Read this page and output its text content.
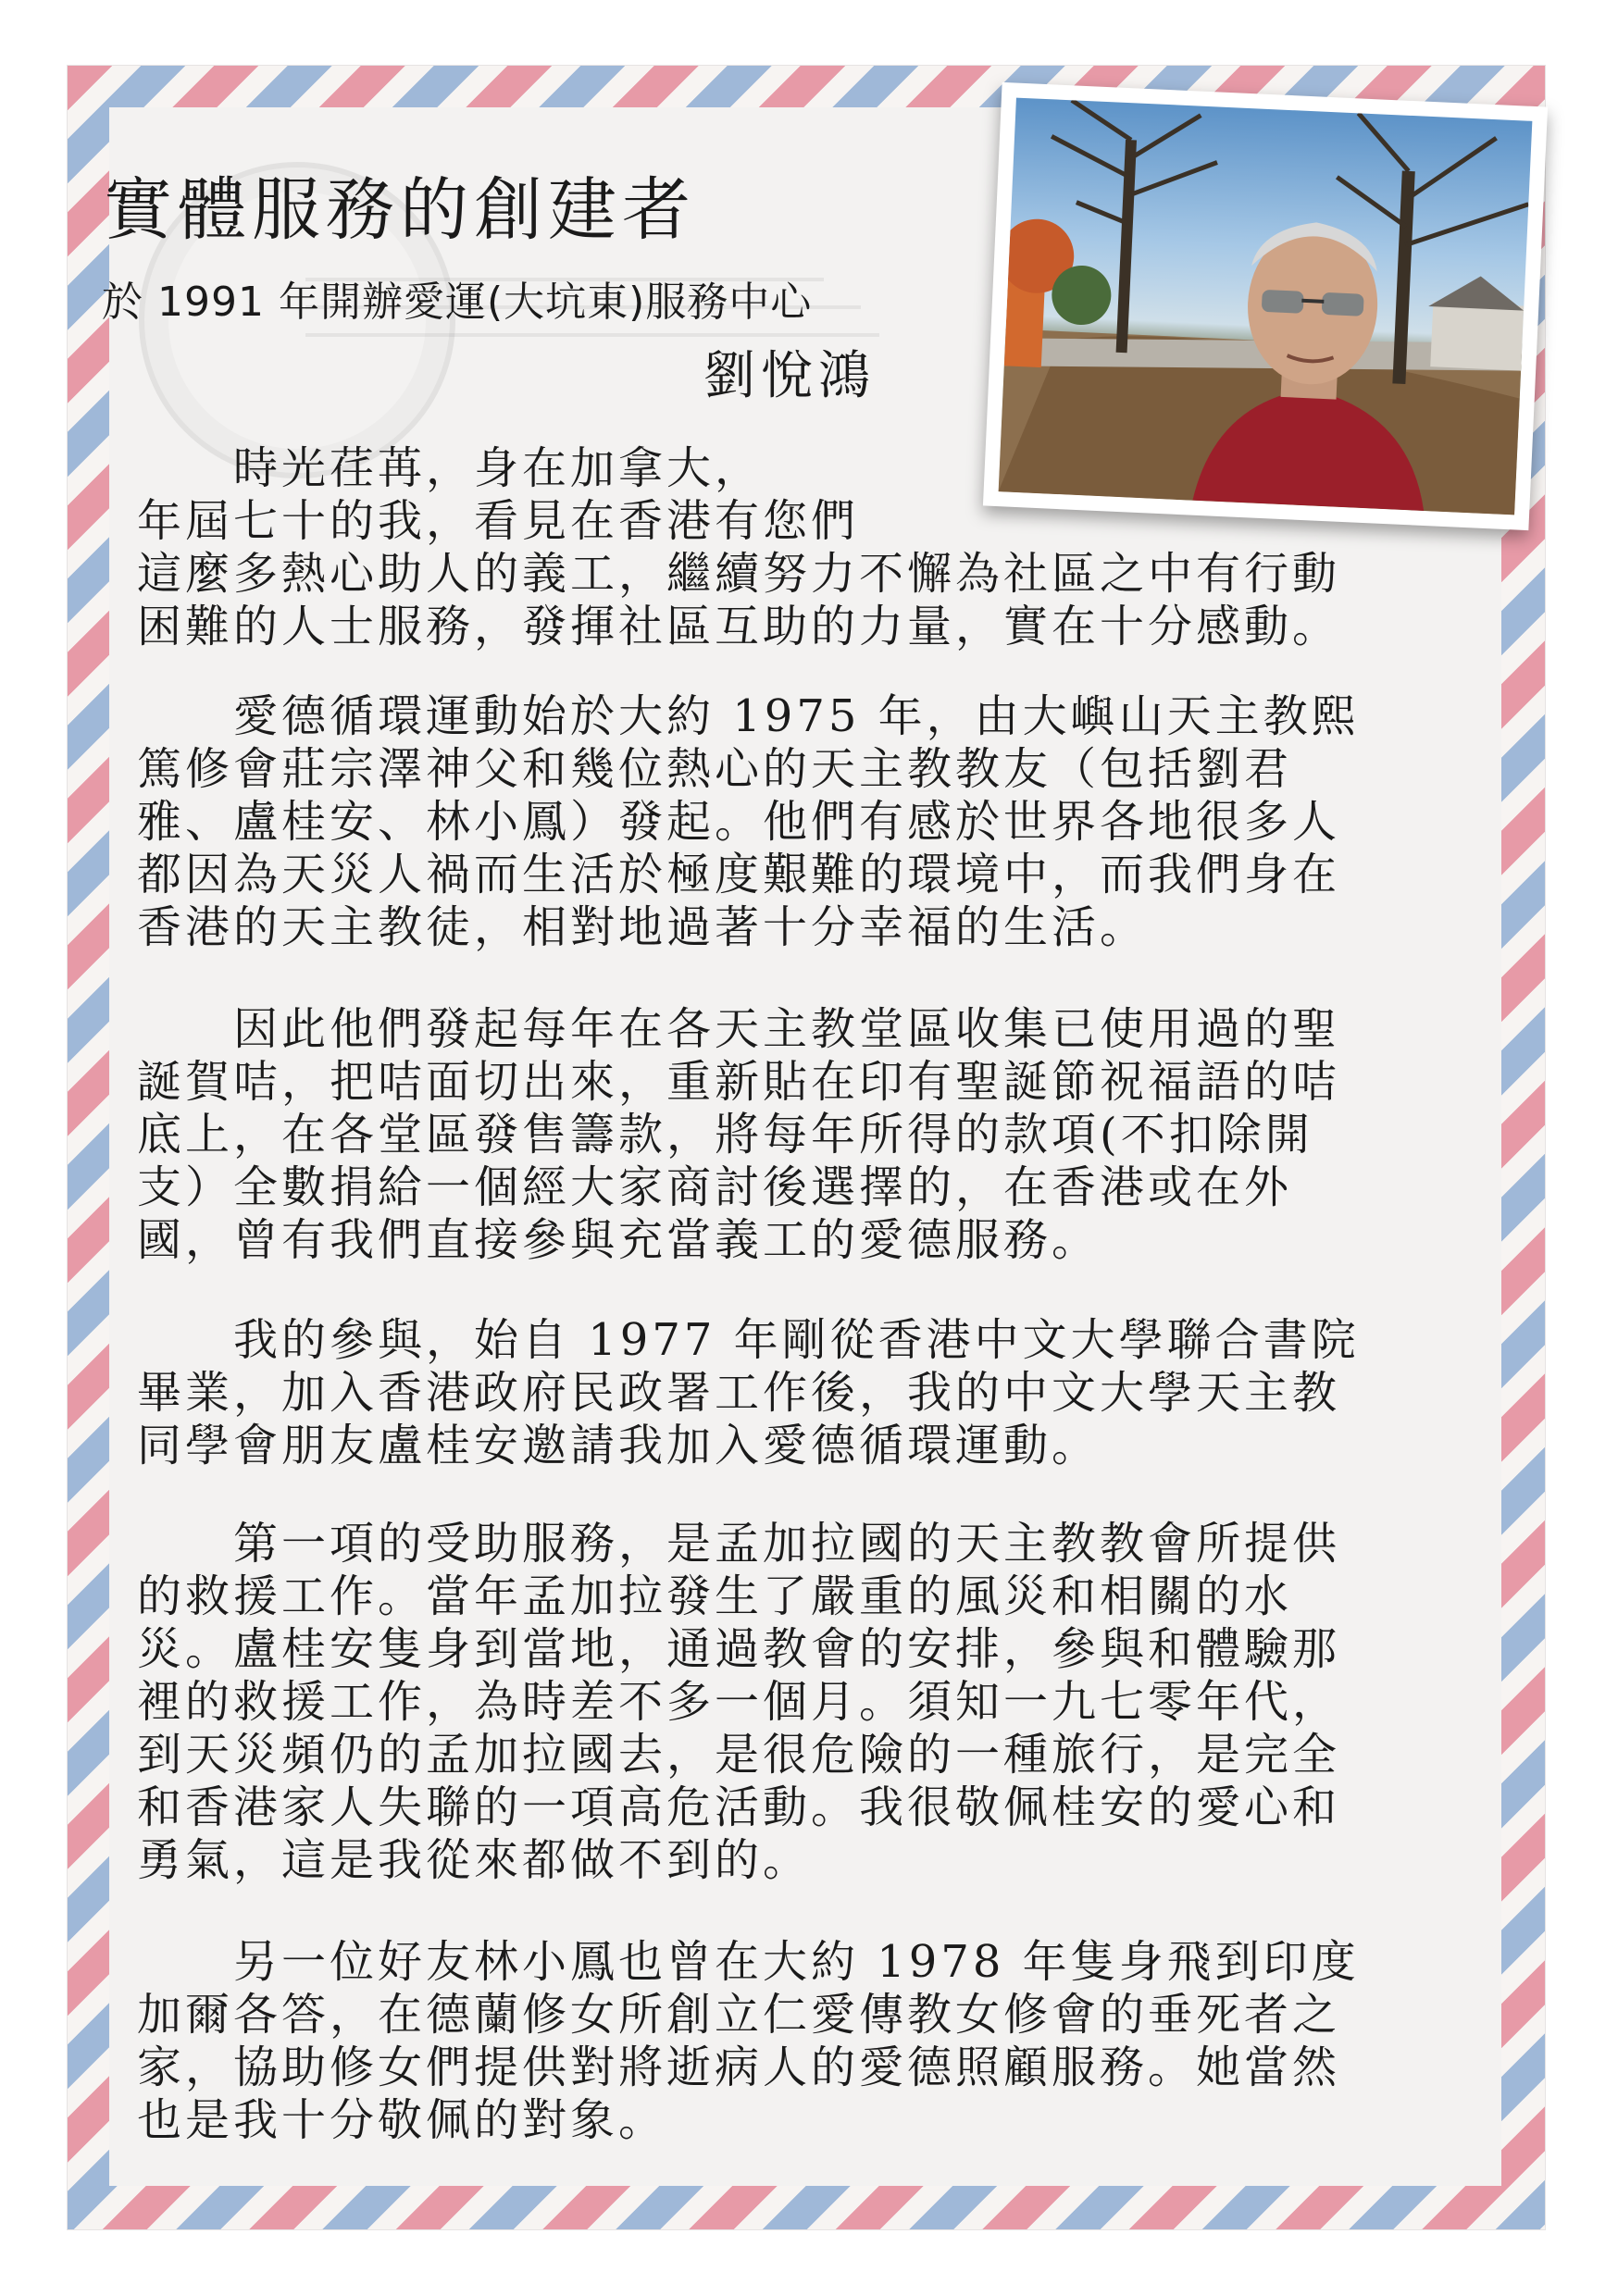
實體服務的創建者
於 1991 年開辦愛運(大坑東)服務中心
劉悅鴻

　　時光荏苒，身在加拿大，
年屆七十的我，看見在香港有您們
這麼多熱心助人的義工，繼續努力不懈為社區之中有行動
困難的人士服務，發揮社區互助的力量，實在十分感動。

　　愛德循環運動始於大約 1975 年，由大嶼山天主教熙
篤修會莊宗澤神父和幾位熱心的天主教教友（包括劉君
雅、盧桂安、林小鳳）發起。他們有感於世界各地很多人
都因為天災人禍而生活於極度艱難的環境中，而我們身在
香港的天主教徒，相對地過著十分幸福的生活。

　　因此他們發起每年在各天主教堂區收集已使用過的聖
誕賀咭，把咭面切出來，重新貼在印有聖誕節祝福語的咭
底上，在各堂區發售籌款，將每年所得的款項(不扣除開
支）全數捐給一個經大家商討後選擇的，在香港或在外
國，曾有我們直接參與充當義工的愛德服務。

　　我的參與，始自 1977 年剛從香港中文大學聯合書院
畢業，加入香港政府民政署工作後，我的中文大學天主教
同學會朋友盧桂安邀請我加入愛德循環運動。

　　第一項的受助服務，是孟加拉國的天主教教會所提供
的救援工作。當年孟加拉發生了嚴重的風災和相關的水
災。盧桂安隻身到當地，通過教會的安排，參與和體驗那
裡的救援工作，為時差不多一個月。須知一九七零年代，
到天災頻仍的孟加拉國去，是很危險的一種旅行，是完全
和香港家人失聯的一項高危活動。我很敬佩桂安的愛心和
勇氣，這是我從來都做不到的。

　　另一位好友林小鳳也曾在大約 1978 年隻身飛到印度
加爾各答，在德蘭修女所創立仁愛傳教女修會的垂死者之
家，協助修女們提供對將逝病人的愛德照顧服務。她當然
也是我十分敬佩的對象。
